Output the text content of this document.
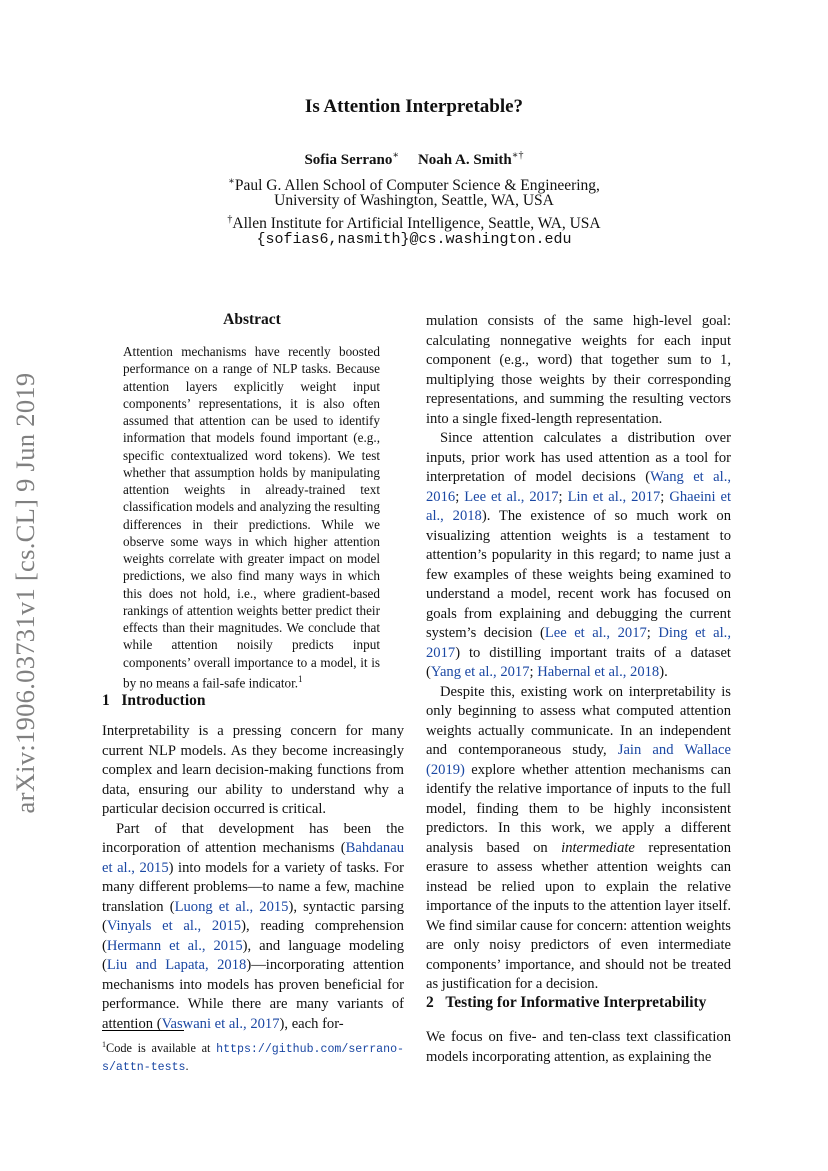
Is Attention Interpretable?
Sofia Serrano∗ Noah A. Smith∗†
∗Paul G. Allen School of Computer Science & Engineering,
University of Washington, Seattle, WA, USA
†Allen Institute for Artificial Intelligence, Seattle, WA, USA
{sofias6,nasmith}@cs.washington.edu
arXiv:1906.03731v1 [cs.CL] 9 Jun 2019
Abstract
Attention mechanisms have recently boosted performance on a range of NLP tasks. Because attention layers explicitly weight input components’ representations, it is also often assumed that attention can be used to identify information that models found important (e.g., specific contextualized word tokens). We test whether that assumption holds by manipulating attention weights in already-trained text classification models and analyzing the resulting differences in their predictions. While we observe some ways in which higher attention weights correlate with greater impact on model predictions, we also find many ways in which this does not hold, i.e., where gradient-based rankings of attention weights better predict their effects than their magnitudes. We conclude that while attention noisily predicts input components’ overall importance to a model, it is by no means a fail-safe indicator.$^1$
1 Introduction

Interpretability is a pressing concern for many current NLP models. As they become increasingly complex and learn decision-making functions from data, ensuring our ability to understand why a particular decision occurred is critical.

Part of that development has been the incorporation of attention mechanisms (Bahdanau et al., 2015) into models for a variety of tasks. For many different problems—to name a few, machine translation (Luong et al., 2015), syntactic parsing (Vinyals et al., 2015), reading comprehension (Hermann et al., 2015), and language modeling (Liu and Lapata, 2018)—incorporating attention mechanisms into models has proven beneficial for performance. While there are many variants of attention (Vaswani et al., 2017), each for-

mulation consists of the same high-level goal: calculating nonnegative weights for each input component (e.g., word) that together sum to 1, multiplying those weights by their corresponding representations, and summing the resulting vectors into a single fixed-length representation.

Since attention calculates a distribution over inputs, prior work has used attention as a tool for interpretation of model decisions (Wang et al., 2016; Lee et al., 2017; Lin et al., 2017; Ghaeini et al., 2018). The existence of so much work on visualizing attention weights is a testament to attention’s popularity in this regard; to name just a few examples of these weights being examined to understand a model, recent work has focused on goals from explaining and debugging the current system’s decision (Lee et al., 2017; Ding et al., 2017) to distilling important traits of a dataset (Yang et al., 2017; Habernal et al., 2018).

Despite this, existing work on interpretability is only beginning to assess what computed attention weights actually communicate. In an independent and contemporaneous study, Jain and Wallace (2019) explore whether attention mechanisms can identify the relative importance of inputs to the full model, finding them to be highly inconsistent predictors. In this work, we apply a different analysis based on intermediate representation erasure to assess whether attention weights can instead be relied upon to explain the relative importance of the inputs to the attention layer itself. We find similar cause for concern: attention weights are only noisy predictors of even intermediate components’ importance, and should not be treated as justification for a decision.

2 Testing for Informative Interpretability

We focus on five- and ten-class text classification models incorporating attention, as explaining the

$^1$Code is available at https://github.com/serrano-s/attn-tests.
